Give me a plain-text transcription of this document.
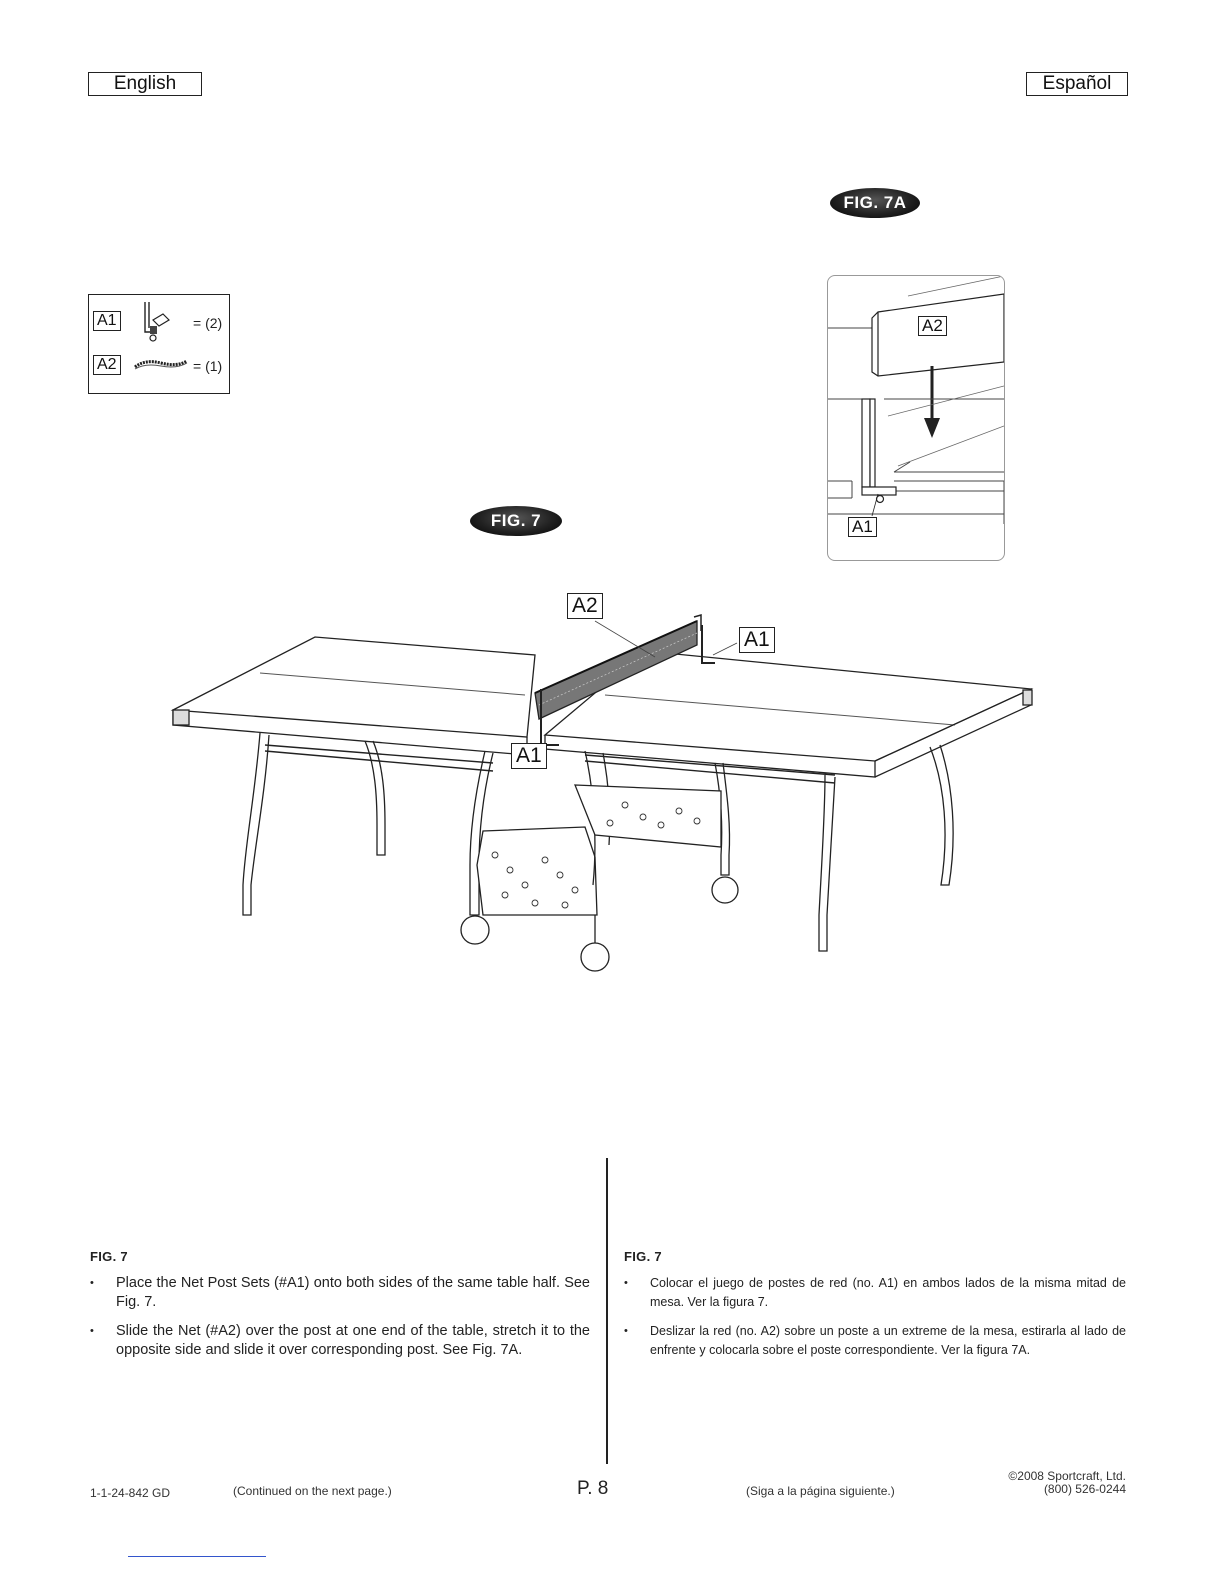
English	Español
FIG. 7A
FIG. 7
A1	= (2)
A2	= (1)
A2
A1
A2
A1
A1
FIG. 7
• Place the Net Post Sets (#A1) onto both sides of the same table half. See Fig. 7.
• Slide the Net (#A2) over the post at one end of the table, stretch it to the opposite side and slide it over corresponding post. See Fig. 7A.
FIG. 7
• Colocar el juego de postes de red (no. A1) en ambos lados de la misma mitad de mesa. Ver la figura 7.
• Deslizar la red (no. A2) sobre un poste a un extreme de la mesa, estirarla al lado de enfrente y colocarla sobre el poste correspondiente. Ver la figura 7A.
1-1-24-842 GD	(Continued on the next page.)	P. 8	(Siga a la página siguiente.)
©2008 Sportcraft, Ltd.
(800) 526-0244
